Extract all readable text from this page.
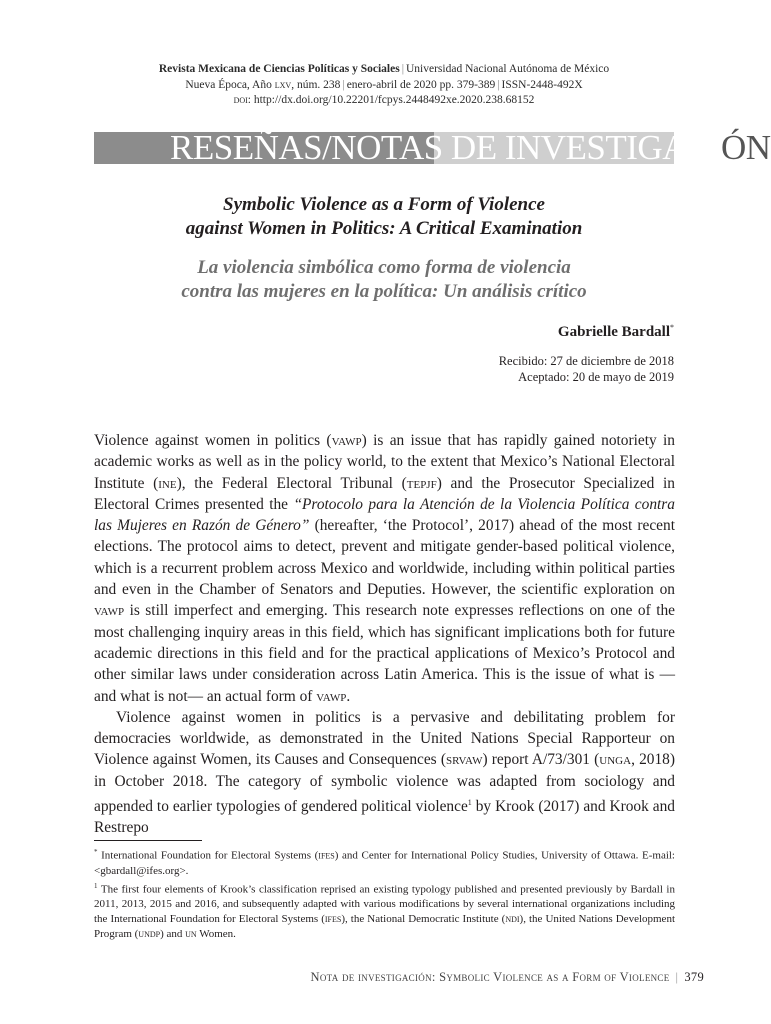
Revista Mexicana de Ciencias Políticas y Sociales | Universidad Nacional Autónoma de México
Nueva Época, Año lxv, núm. 238 | enero-abril de 2020 pp. 379-389 | ISSN-2448-492X
doi: http://dx.doi.org/10.22201/fcpys.2448492xe.2020.238.68152
RESEÑAS/NOTAS DE INVESTIGACIÓN
Symbolic Violence as a Form of Violence
against Women in Politics: A Critical Examination
La violencia simbólica como forma de violencia
contra las mujeres en la política: Un análisis crítico
Gabrielle Bardall*
Recibido: 27 de diciembre de 2018
Aceptado: 20 de mayo de 2019

Violence against women in politics (vawp) is an issue that has rapidly gained notoriety in academic works as well as in the policy world, to the extent that Mexico’s National Electoral Institute (ine), the Federal Electoral Tribunal (tepjf) and the Prosecutor Specialized in Electoral Crimes presented the “Protocolo para la Atención de la Violencia Política contra las Mujeres en Razón de Género” (hereafter, ‘the Protocol’, 2017) ahead of the most recent elections. The protocol aims to detect, prevent and mitigate gender-based political violence, which is a recurrent problem across Mexico and worldwide, including within political parties and even in the Chamber of Senators and Deputies. However, the scientific exploration on vawp is still imperfect and emerging. This research note expresses reflections on one of the most challenging inquiry areas in this field, which has significant implications both for future academic directions in this field and for the practical applications of Mexico’s Protocol and other similar laws under consideration across Latin America. This is the issue of what is —and what is not— an actual form of vawp.

Violence against women in politics is a pervasive and debilitating problem for democracies worldwide, as demonstrated in the United Nations Special Rapporteur on Violence against Women, its Causes and Consequences (srvaw) report A/73/301 (unga, 2018) in October 2018. The category of symbolic violence was adapted from sociology and appended to earlier typologies of gendered political violence$^1$ by Krook (2017) and Krook and Restrepo

* International Foundation for Electoral Systems (ifes) and Center for International Policy Studies, University of Ottawa. E-mail: <gbardall@ifes.org>.

$^1$ The first four elements of Krook’s classification reprised an existing typology published and presented previously by Bardall in 2011, 2013, 2015 and 2016, and subsequently adapted with various modifications by several international organizations including the International Foundation for Electoral Systems (ifes), the National Democratic Institute (ndi), the United Nations Development Program (undp) and un Women.

Nota de investigación: Symbolic Violence as a Form of Violence | 379
